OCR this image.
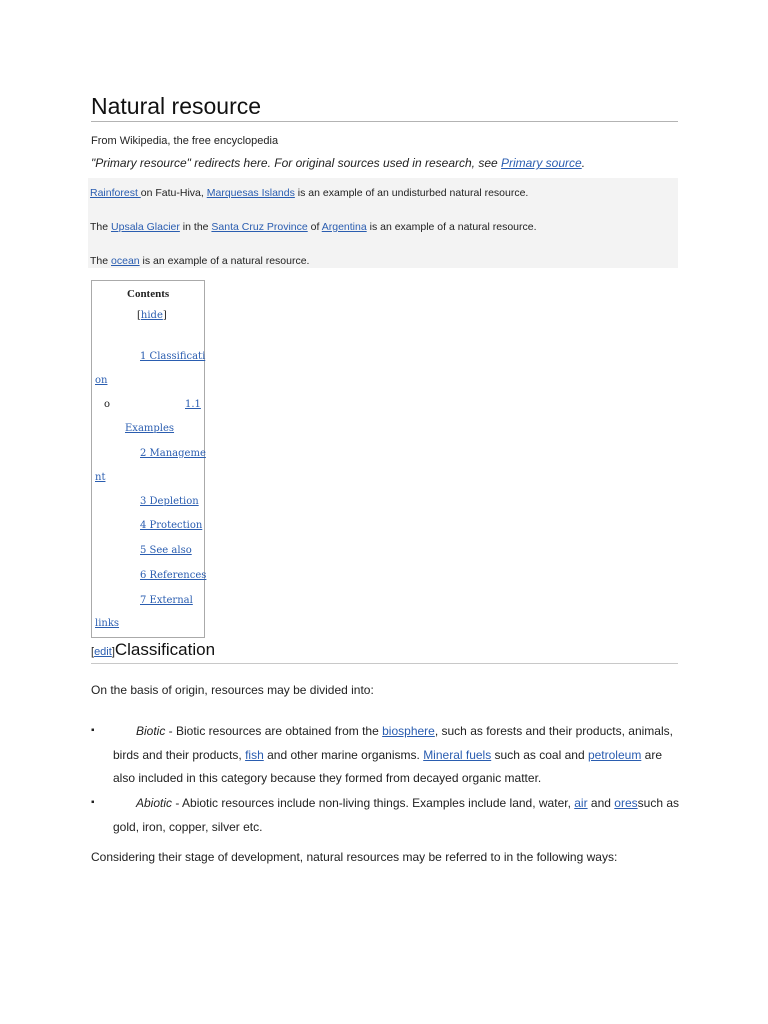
Natural resource
From Wikipedia, the free encyclopedia
"Primary resource" redirects here. For original sources used in research, see Primary source.
Rainforest on Fatu-Hiva, Marquesas Islands is an example of an undisturbed natural resource.
The Upsala Glacier in the Santa Cruz Province of Argentina is an example of a natural resource.
The ocean is an example of a natural resource.
Contents
[hide]
1 Classificati
on
o	1.1
Examples
2 Manageme
nt
3 Depletion
4 Protection
5 See also
6 References
7 External
links
[edit]Classification
On the basis of origin, resources may be divided into:
▪	Biotic - Biotic resources are obtained from the biosphere, such as forests and their products, animals,
birds and their products, fish and other marine organisms. Mineral fuels such as coal and petroleum are
also included in this category because they formed from decayed organic matter.
▪	Abiotic - Abiotic resources include non-living things. Examples include land, water, air and oressuch as
gold, iron, copper, silver etc.
Considering their stage of development, natural resources may be referred to in the following ways:
